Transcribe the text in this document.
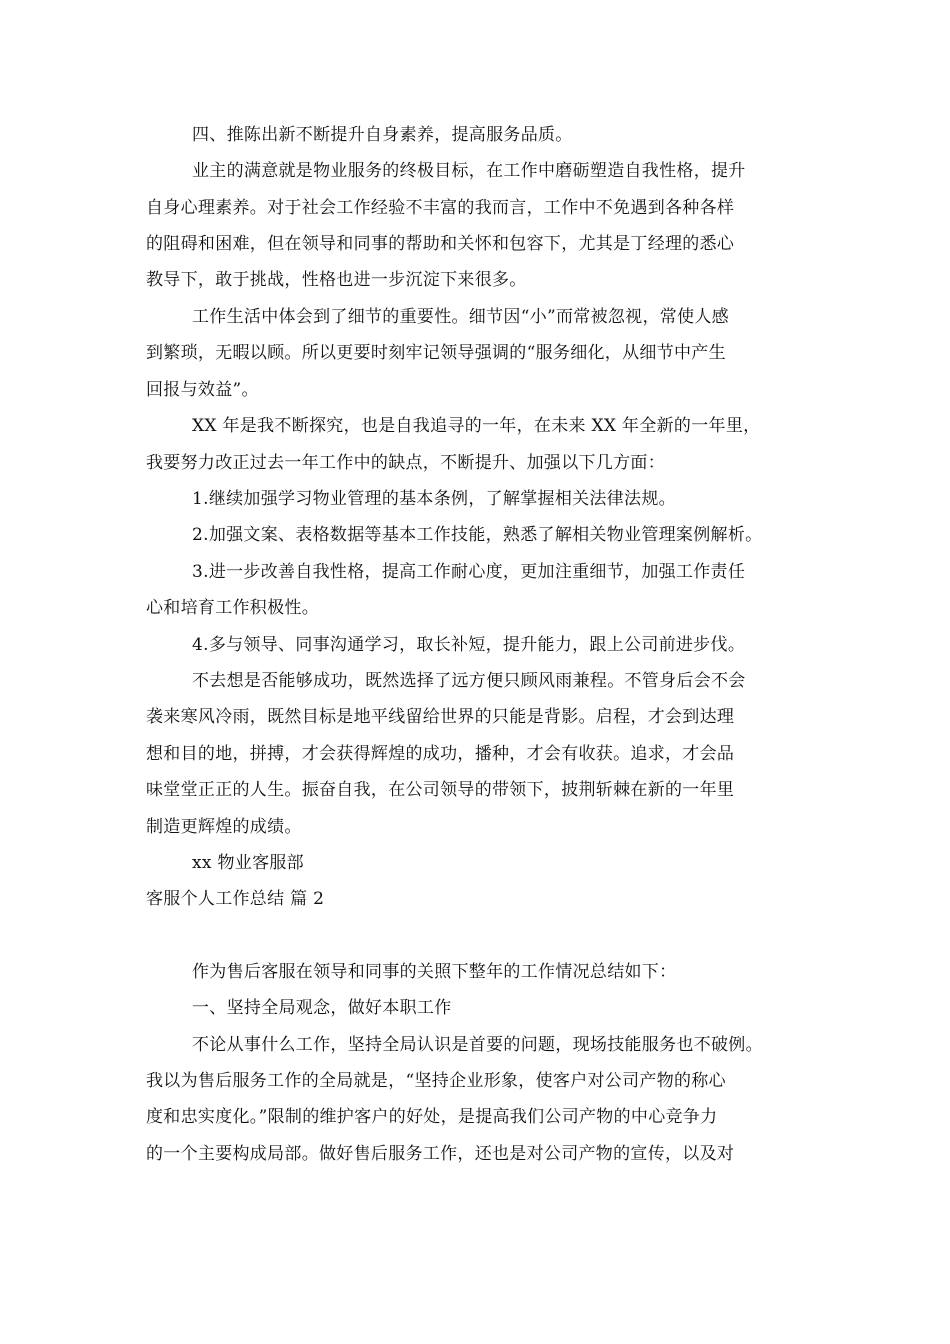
四、推陈出新不断提升自身素养，提高服务品质。
业主的满意就是物业服务的终极目标，在工作中磨砺塑造自我性格，提升
自身心理素养。对于社会工作经验不丰富的我而言，工作中不免遇到各种各样
的阻碍和困难，但在领导和同事的帮助和关怀和包容下，尤其是丁经理的悉心
教导下，敢于挑战，性格也进一步沉淀下来很多。
工作生活中体会到了细节的重要性。细节因“小”而常被忽视，常使人感
到繁琐，无暇以顾。所以更要时刻牢记领导强调的“服务细化，从细节中产生
回报与效益”。
XX 年是我不断探究，也是自我追寻的一年，在未来 XX 年全新的一年里，
我要努力改正过去一年工作中的缺点，不断提升、加强以下几方面：
1.继续加强学习物业管理的基本条例，了解掌握相关法律法规。
2.加强文案、表格数据等基本工作技能，熟悉了解相关物业管理案例解析。
3.进一步改善自我性格，提高工作耐心度，更加注重细节，加强工作责任
心和培育工作积极性。
4.多与领导、同事沟通学习，取长补短，提升能力，跟上公司前进步伐。
不去想是否能够成功，既然选择了远方便只顾风雨兼程。不管身后会不会
袭来寒风冷雨，既然目标是地平线留给世界的只能是背影。启程，才会到达理
想和目的地，拼搏，才会获得辉煌的成功，播种，才会有收获。追求，才会品
味堂堂正正的人生。振奋自我，在公司领导的带领下，披荆斩棘在新的一年里
制造更辉煌的成绩。
xx 物业客服部
客服个人工作总结 篇 2
作为售后客服在领导和同事的关照下整年的工作情况总结如下：
一、坚持全局观念，做好本职工作
不论从事什么工作，坚持全局认识是首要的问题，现场技能服务也不破例。
我以为售后服务工作的全局就是，“坚持企业形象，使客户对公司产物的称心
度和忠实度化。”限制的维护客户的好处，是提高我们公司产物的中心竞争力
的一个主要构成局部。做好售后服务工作，还也是对公司产物的宣传，以及对
